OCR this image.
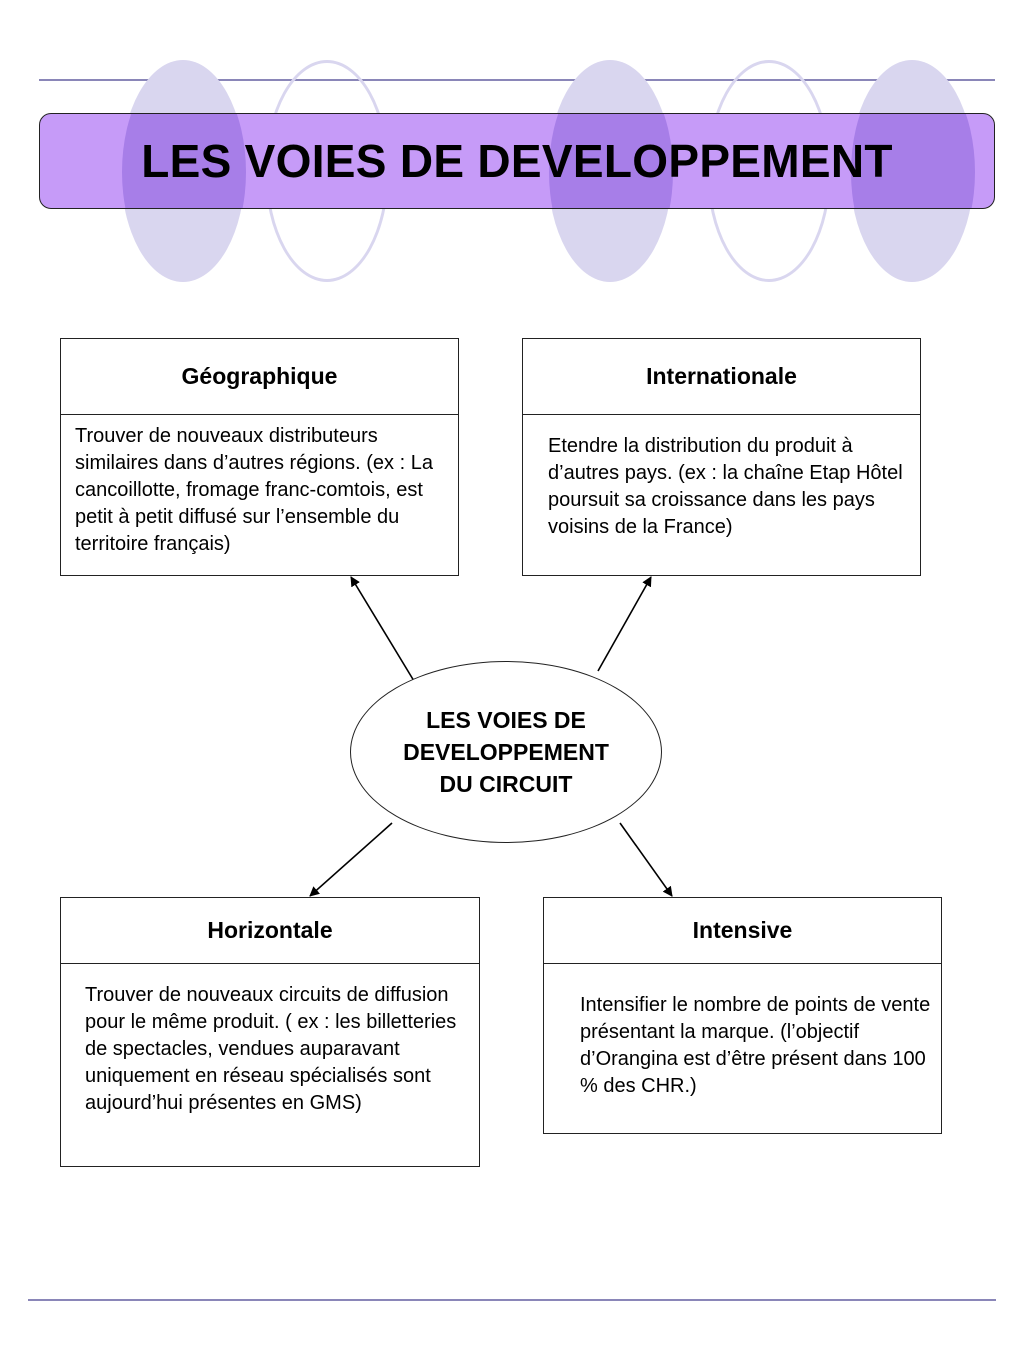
LES VOIES DE DEVELOPPEMENT
Géographique
Trouver de nouveaux distributeurs similaires dans d’autres régions. (ex : La cancoillotte, fromage franc-comtois, est petit à petit diffusé sur l’ensemble du territoire français)
Internationale
Etendre la distribution du produit à d’autres pays. (ex : la chaîne Etap Hôtel poursuit sa croissance dans les pays voisins de la France)
LES VOIES DE
DEVELOPPEMENT
DU CIRCUIT
Horizontale
Trouver de nouveaux circuits de diffusion pour le même produit. ( ex : les billetteries de spectacles, vendues auparavant uniquement en réseau spécialisés sont aujourd’hui présentes en GMS)
Intensive
Intensifier le nombre de points de vente présentant la marque. (l’objectif d’Orangina est d’être présent dans 100 % des CHR.)
